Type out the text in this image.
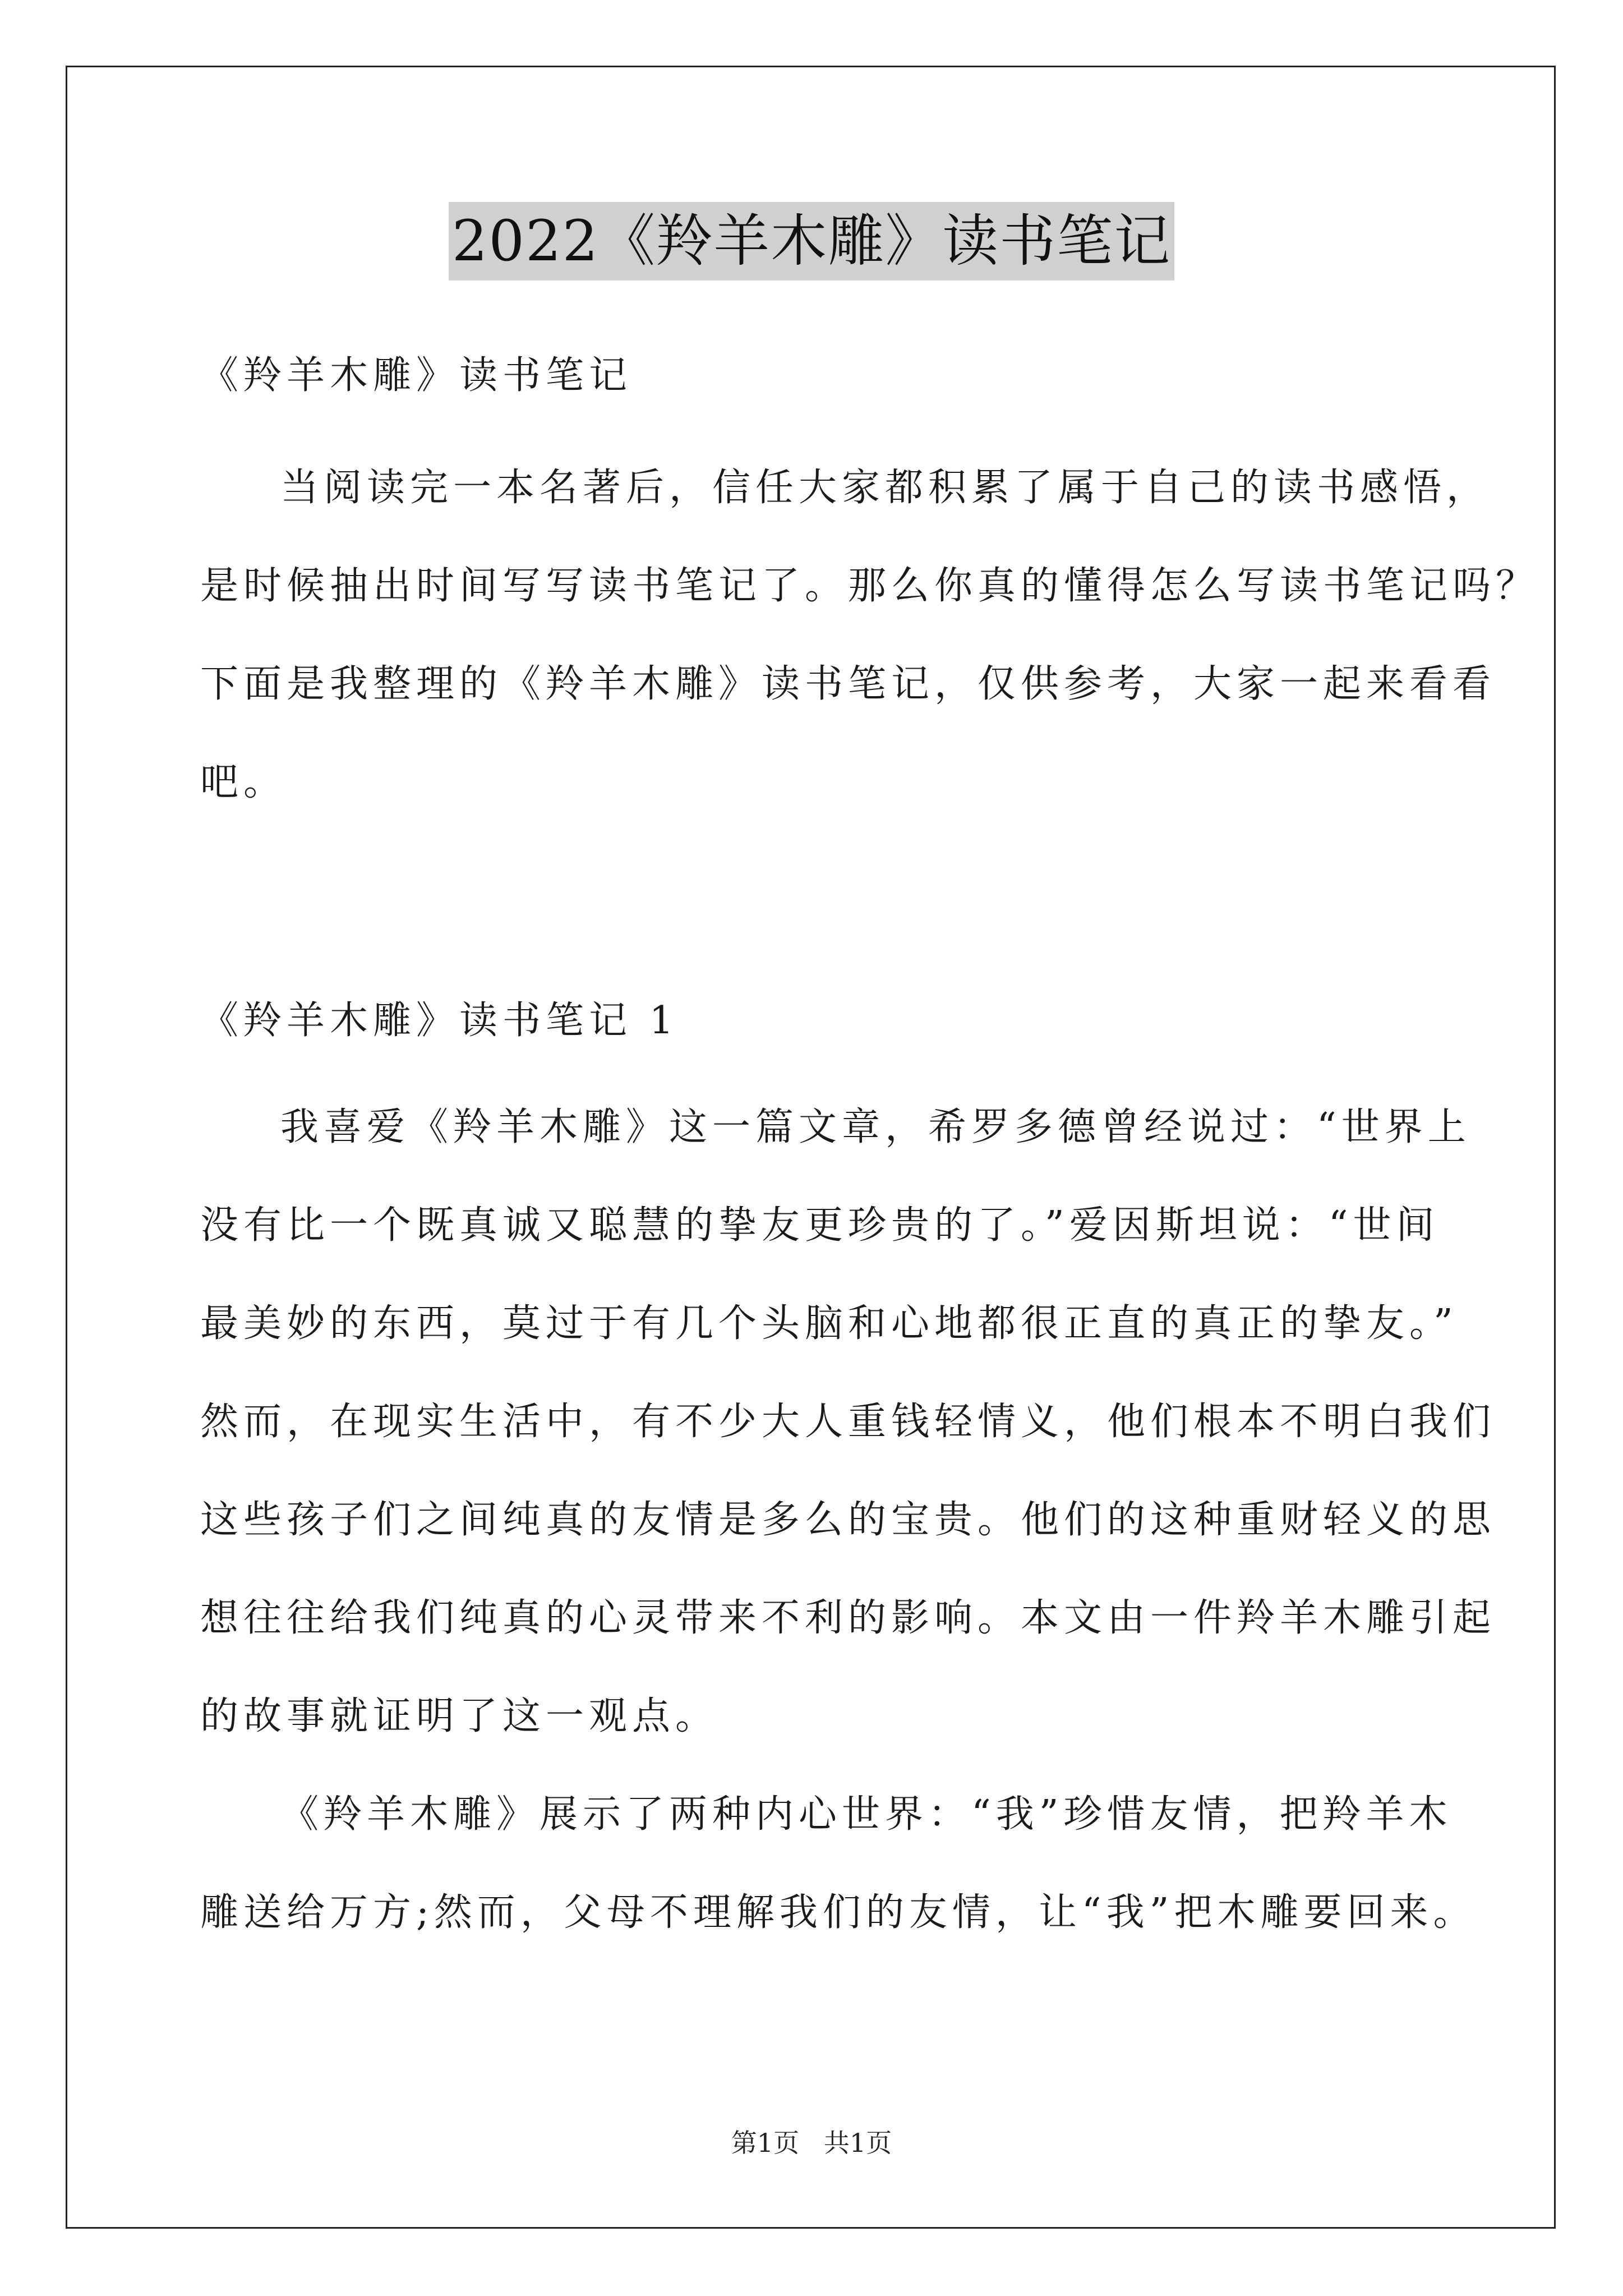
2022《羚羊木雕》读书笔记
《羚羊木雕》读书笔记
当阅读完一本名著后，信任大家都积累了属于自己的读书感悟，
是时候抽出时间写写读书笔记了。那么你真的懂得怎么写读书笔记吗？
下面是我整理的《羚羊木雕》读书笔记，仅供参考，大家一起来看看
吧。
《羚羊木雕》读书笔记 1
我喜爱《羚羊木雕》这一篇文章，希罗多德曾经说过：“世界上
没有比一个既真诚又聪慧的挚友更珍贵的了。”爱因斯坦说：“世间
最美妙的东西，莫过于有几个头脑和心地都很正直的真正的挚友。”
然而，在现实生活中，有不少大人重钱轻情义，他们根本不明白我们
这些孩子们之间纯真的友情是多么的宝贵。他们的这种重财轻义的思
想往往给我们纯真的心灵带来不利的影响。本文由一件羚羊木雕引起
的故事就证明了这一观点。
《羚羊木雕》展示了两种内心世界：“我”珍惜友情，把羚羊木
雕送给万方;然而，父母不理解我们的友情，让“我”把木雕要回来。
第1页   共1页
